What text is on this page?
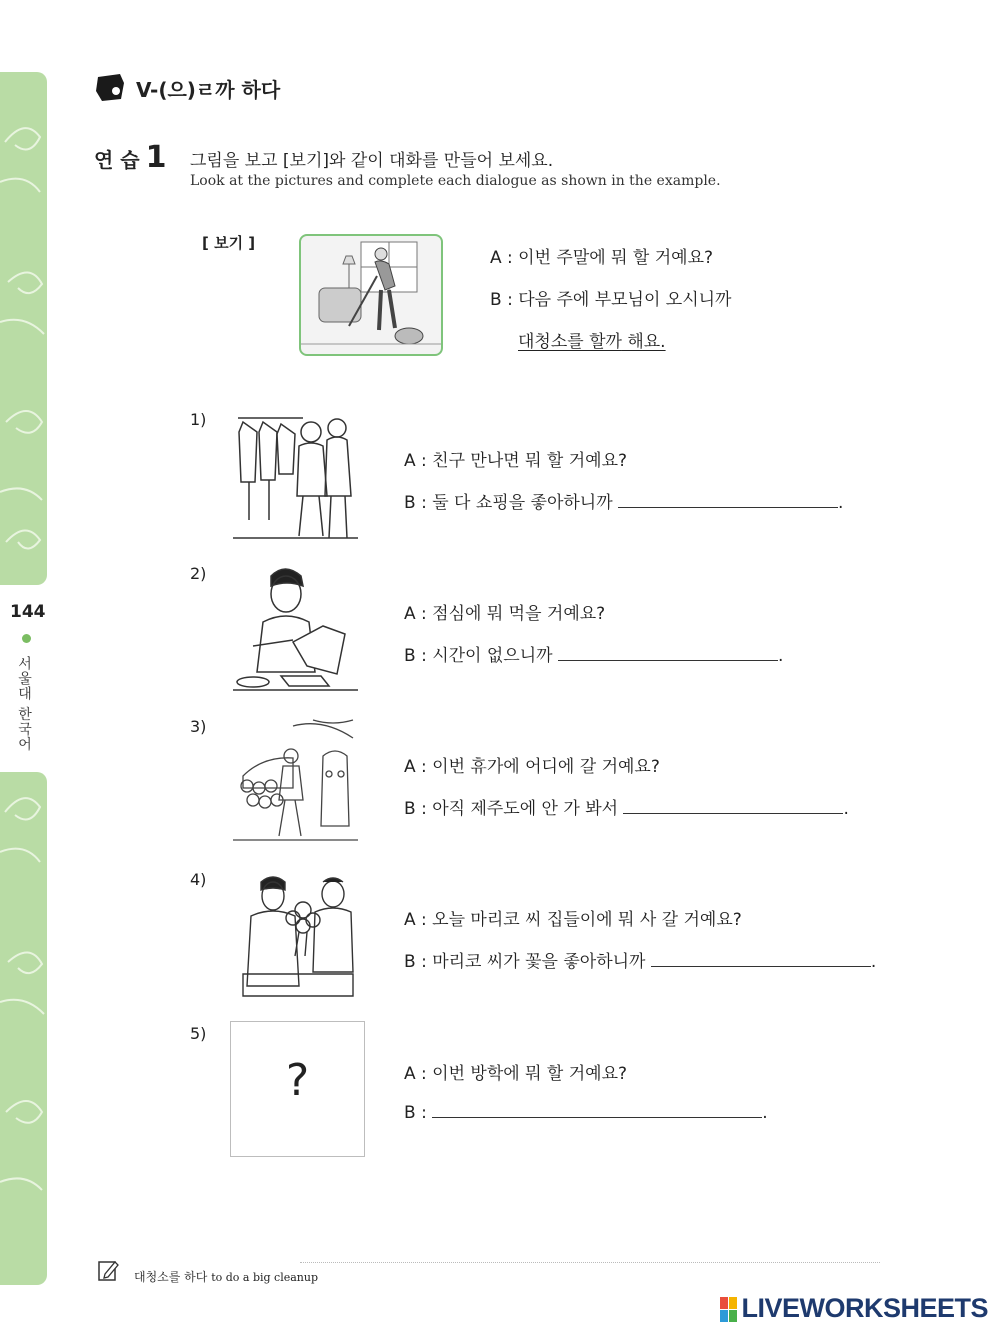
144
서울대 한국어
V-(으)ㄹ까 하다
연 습 1 그림을 보고 [보기]와 같이 대화를 만들어 보세요.
Look at the pictures and complete each dialogue as shown in the example.
[ 보기 ]
A : 이번 주말에 뭐 할 거예요?
B : 다음 주에 부모님이 오시니까
대청소를 할까 해요.
1)
A : 친구 만나면 뭐 할 거예요?
B : 둘 다 쇼핑을 좋아하니까	.
2)
A : 점심에 뭐 먹을 거예요?
B : 시간이 없으니까	.
3)
A : 이번 휴가에 어디에 갈 거예요?
B : 아직 제주도에 안 가 봐서	.
4)
A : 오늘 마리코 씨 집들이에 뭐 사 갈 거예요?
B : 마리코 씨가 꽃을 좋아하니까	.
5)
?	A : 이번 방학에 뭐 할 거예요?
B :	.
대청소를 하다 to do a big cleanup
LIVEWORKSHEETS
